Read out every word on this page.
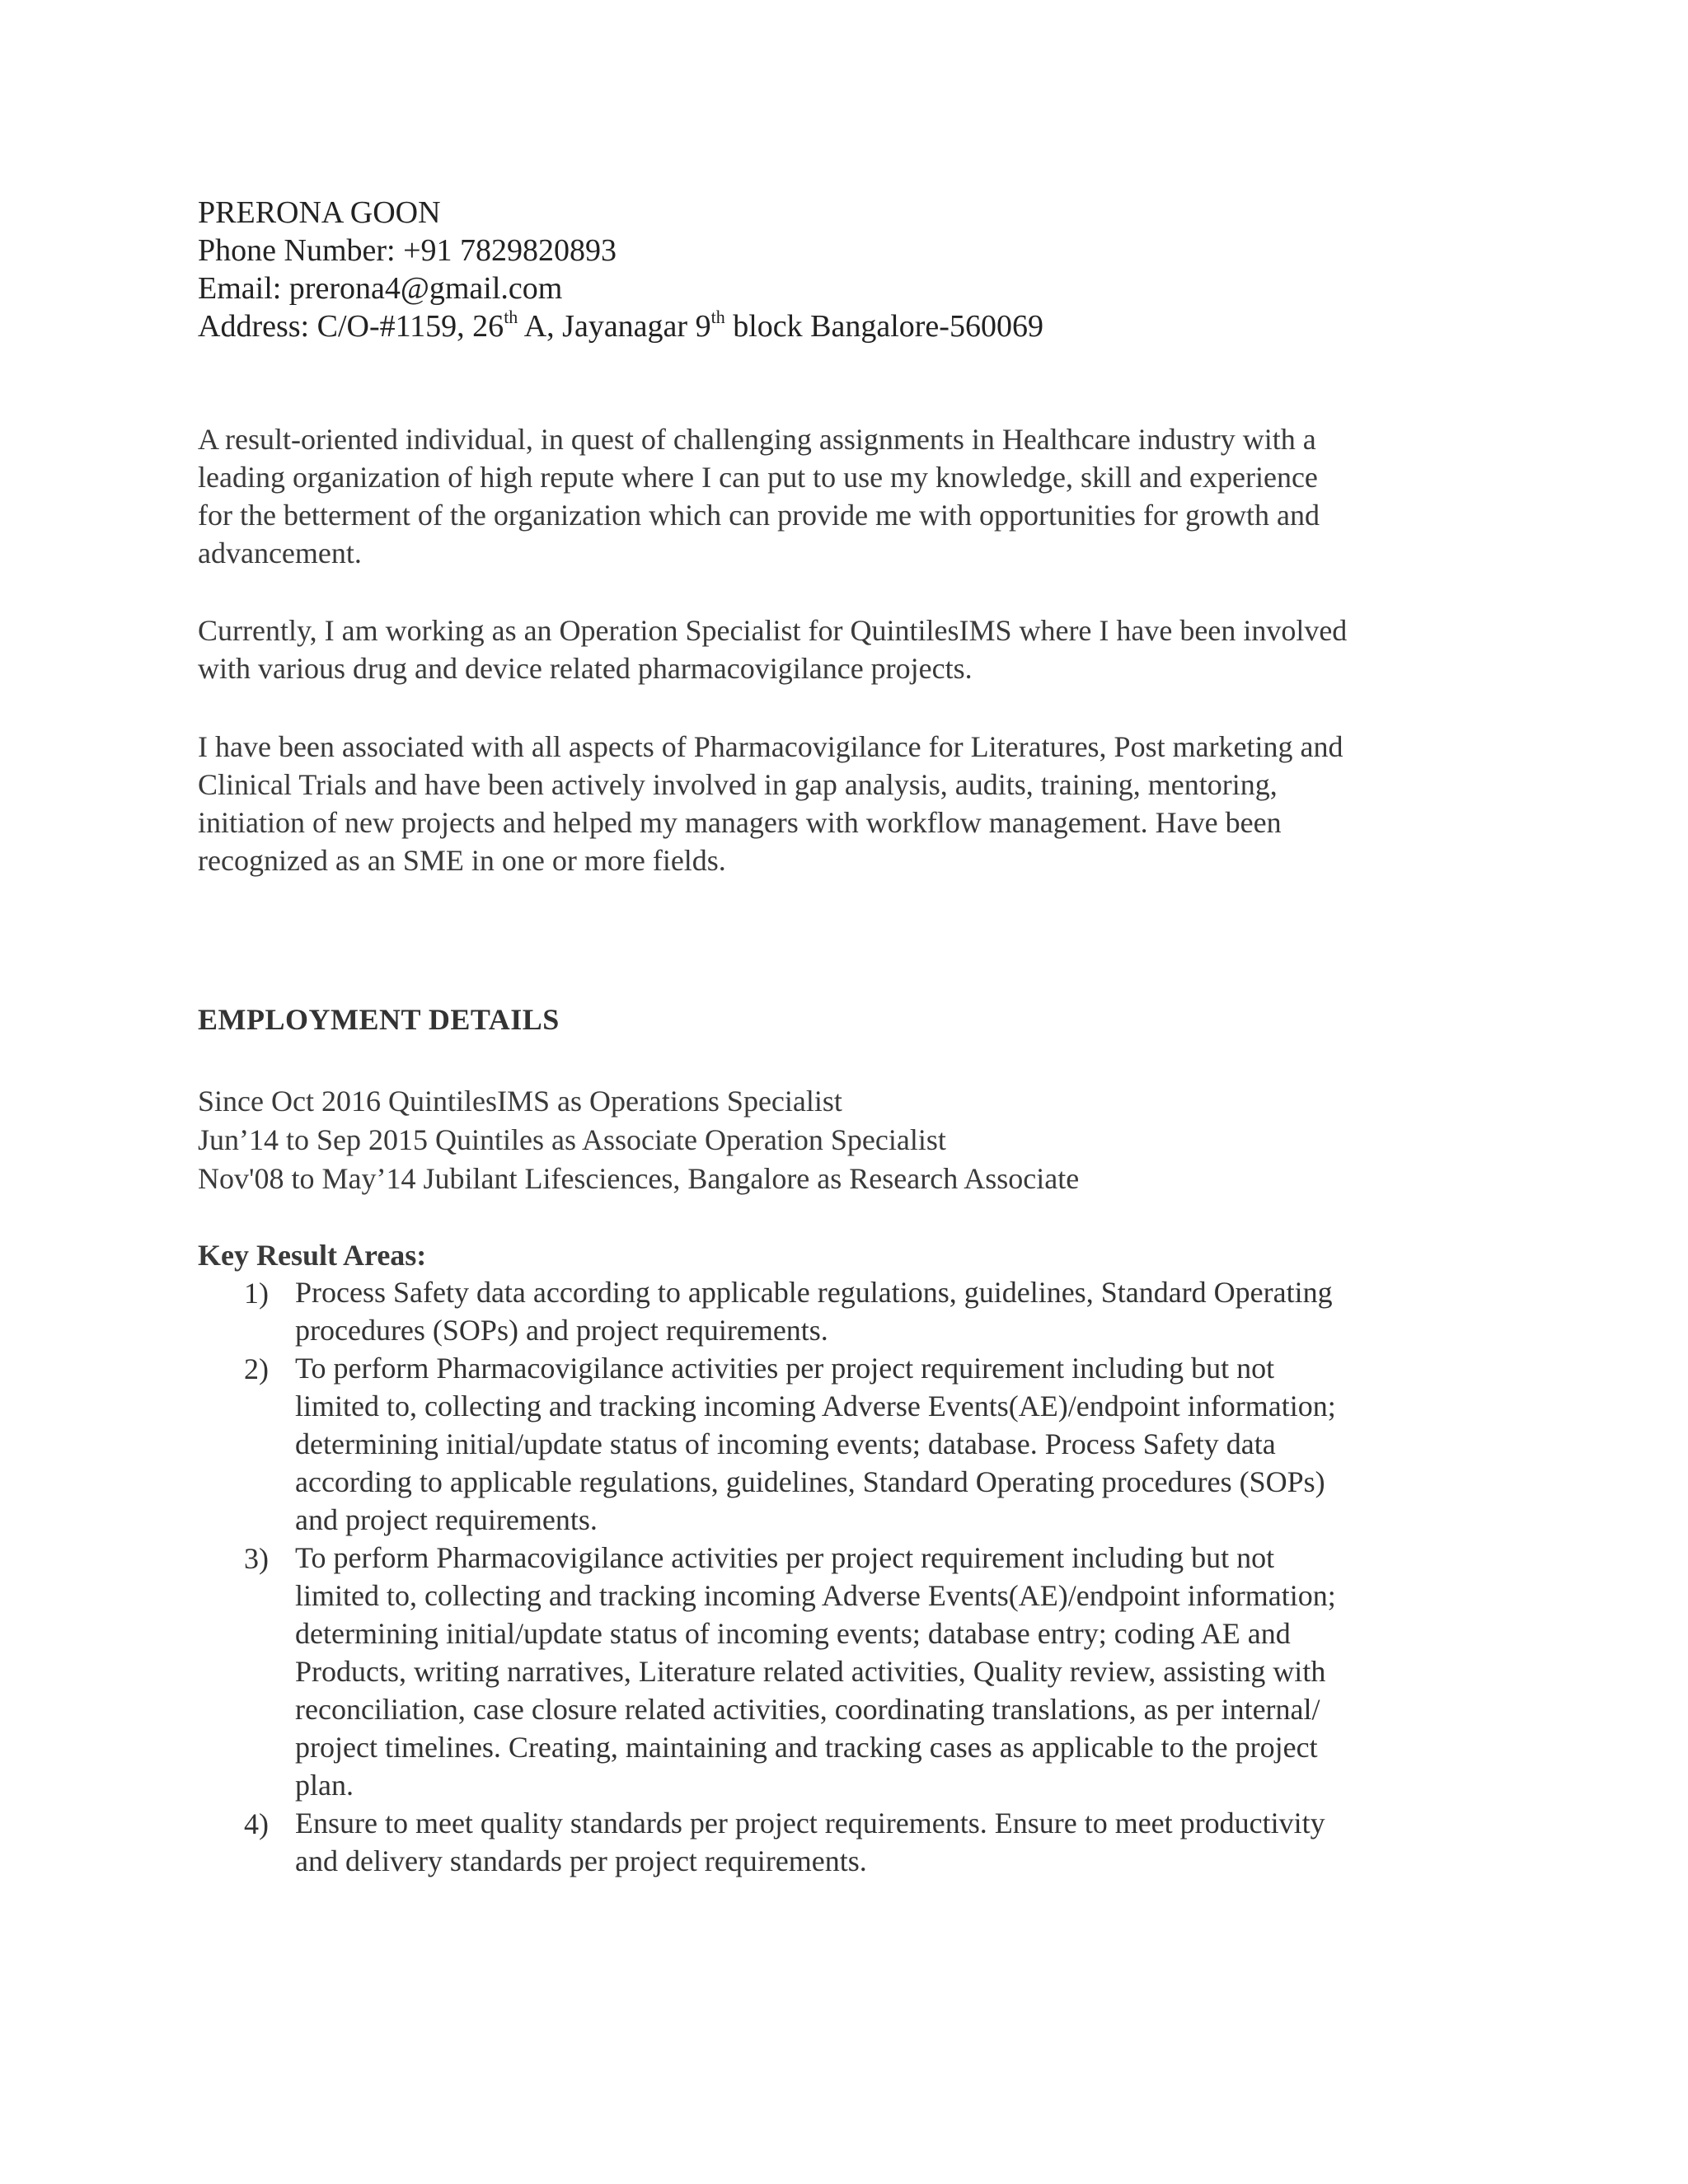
PRERONA GOON
Phone Number: +91 7829820893
Email: prerona4@gmail.com
Address: C/O-#1159, 26th A, Jayanagar 9th block Bangalore-560069
A result-oriented individual, in quest of challenging assignments in Healthcare industry with a
leading organization of high repute where I can put to use my knowledge, skill and experience
for the betterment of the organization which can provide me with opportunities for growth and
advancement.
Currently, I am working as an Operation Specialist for QuintilesIMS where I have been involved
with various drug and device related pharmacovigilance projects.
I have been associated with all aspects of Pharmacovigilance for Literatures, Post marketing and
Clinical Trials and have been actively involved in gap analysis, audits, training, mentoring,
initiation of new projects and helped my managers with workflow management. Have been
recognized as an SME in one or more fields.
EMPLOYMENT DETAILS
Since Oct 2016 QuintilesIMS as Operations Specialist
Jun’14 to Sep 2015 Quintiles as Associate Operation Specialist
Nov'08 to May’14 Jubilant Lifesciences, Bangalore as Research Associate
Key Result Areas:
1) Process Safety data according to applicable regulations, guidelines, Standard Operating
procedures (SOPs) and project requirements.
2) To perform Pharmacovigilance activities per project requirement including but not
limited to, collecting and tracking incoming Adverse Events(AE)/endpoint information;
determining initial/update status of incoming events; database. Process Safety data
according to applicable regulations, guidelines, Standard Operating procedures (SOPs)
and project requirements.
3) To perform Pharmacovigilance activities per project requirement including but not
limited to, collecting and tracking incoming Adverse Events(AE)/endpoint information;
determining initial/update status of incoming events; database entry; coding AE and
Products, writing narratives, Literature related activities, Quality review, assisting with
reconciliation, case closure related activities, coordinating translations, as per internal/
project timelines. Creating, maintaining and tracking cases as applicable to the project
plan.
4) Ensure to meet quality standards per project requirements. Ensure to meet productivity
and delivery standards per project requirements.
